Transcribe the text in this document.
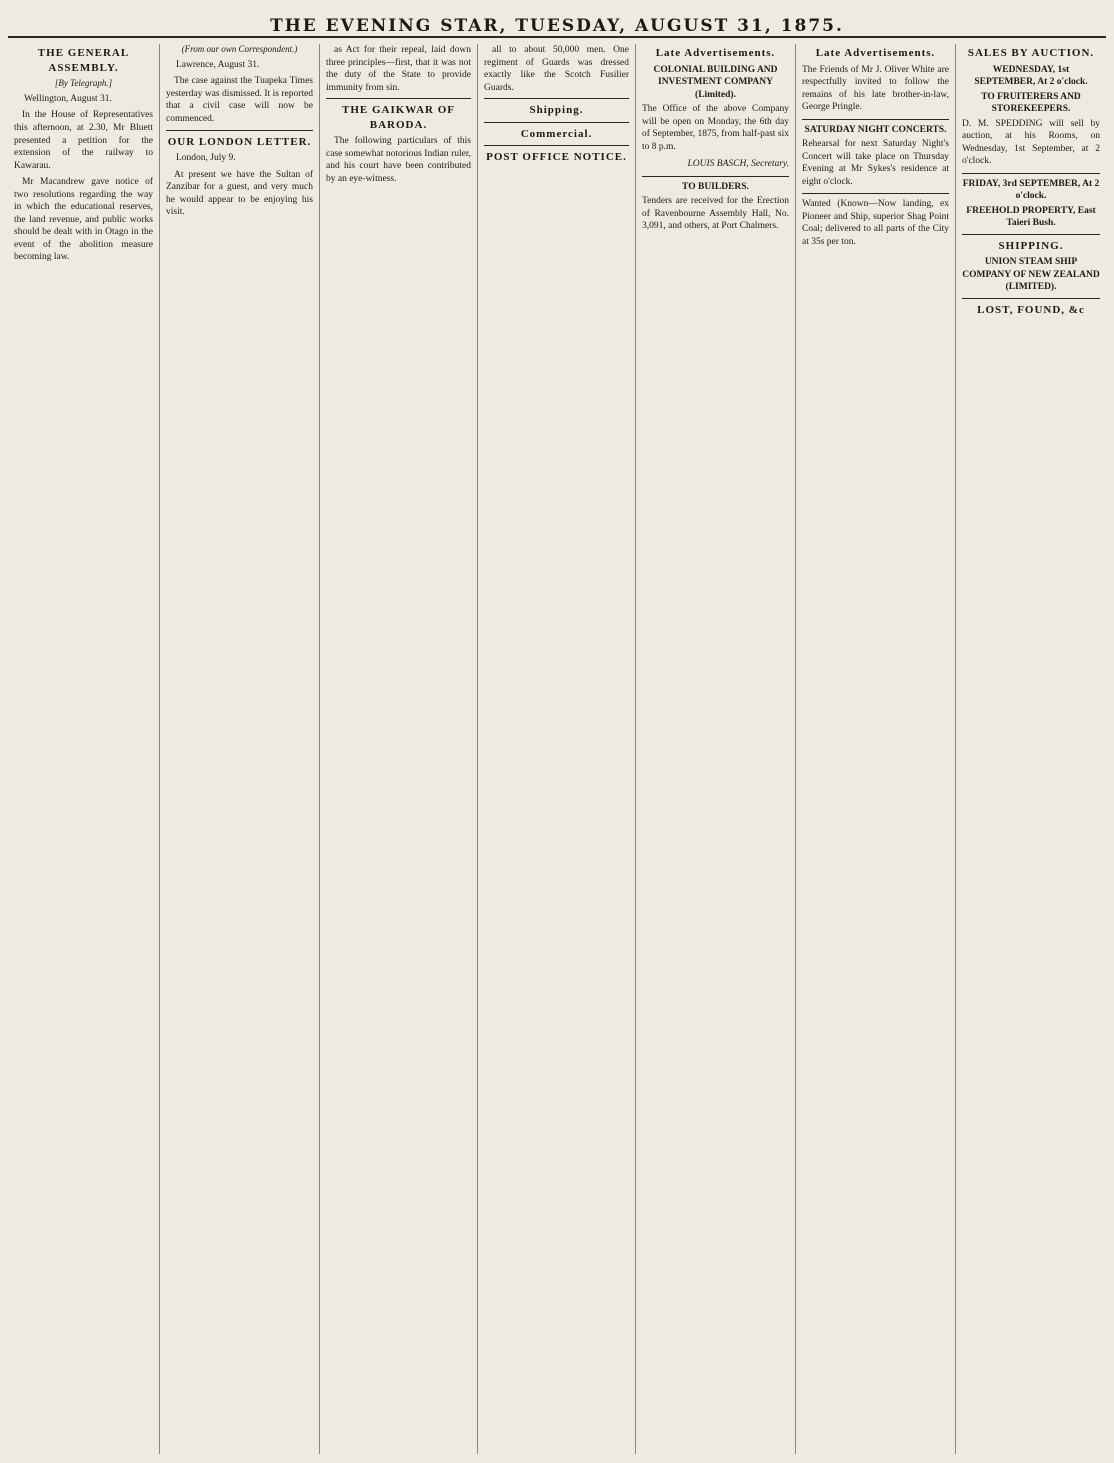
THE EVENING STAR, TUESDAY, AUGUST 31, 1875.
THE GENERAL ASSEMBLY.
[By Telegraph.]
Wellington, August 31.

In the House of Representatives this afternoon, at 2.30, Mr Bluett presented a petition for the extension of the railway to Kawarau.

Mr Macandrew gave notice of two resolutions regarding the way in which the educational reserves, the land revenue, and public works should be dealt with in Otago in the event of the abolition measure becoming law.

(From our own Correspondent.)
Lawrence, August 31.

The case against the Tuapeka Times yesterday was dismissed. It is reported that a civil case will now be commenced.

OUR LONDON LETTER.
London, July 9.

At present we have the Sultan of Zanzibar for a guest, and very much he would appear to be enjoying his visit.

as Act for their repeal, laid down three principles—first, that it was not the duty of the State to provide immunity from sin.

THE GAIKWAR OF BARODA.

The following particulars of this case somewhat notorious Indian ruler, and his court have been contributed by an eye-witness.

all to about 50,000 men. One regiment of Guards was dressed exactly like the Scotch Fusilier Guards.

Shipping.
Commercial.
POST OFFICE NOTICE.
Late Advertisements.
COLONIAL BUILDING AND INVESTMENT COMPANY (Limited).
The Office of the above Company will be open on Monday, the 6th day of September, 1875, from half-past six to 8 p.m.
LOUIS BASCH, Secretary.
TO BUILDERS.
Tenders are received for the Erection of Ravenbourne Assembly Hall, No. 3,091, and others, at Port Chalmers.
Late Advertisements.
The Friends of Mr J. Oliver White are respectfully invited to follow the remains of his late brother-in-law, George Pringle.
SATURDAY NIGHT CONCERTS.
Rehearsal for next Saturday Night's Concert will take place on Thursday Evening at Mr Sykes's residence at eight o'clock.
Wanted (Known—Now landing, ex Pioneer and Ship, superior Shag Point Coal; delivered to all parts of the City at 35s per ton.
SALES BY AUCTION.
WEDNESDAY, 1st SEPTEMBER, At 2 o'clock.
TO FRUITERERS AND STOREKEEPERS.
D. M. SPEDDING will sell by auction, at his Rooms, on Wednesday, 1st September, at 2 o'clock.
FRIDAY, 3rd SEPTEMBER, At 2 o'clock.
FREEHOLD PROPERTY, East Taieri Bush.
SHIPPING.
UNION STEAM SHIP COMPANY OF NEW ZEALAND (LIMITED).
LOST, FOUND, &c
